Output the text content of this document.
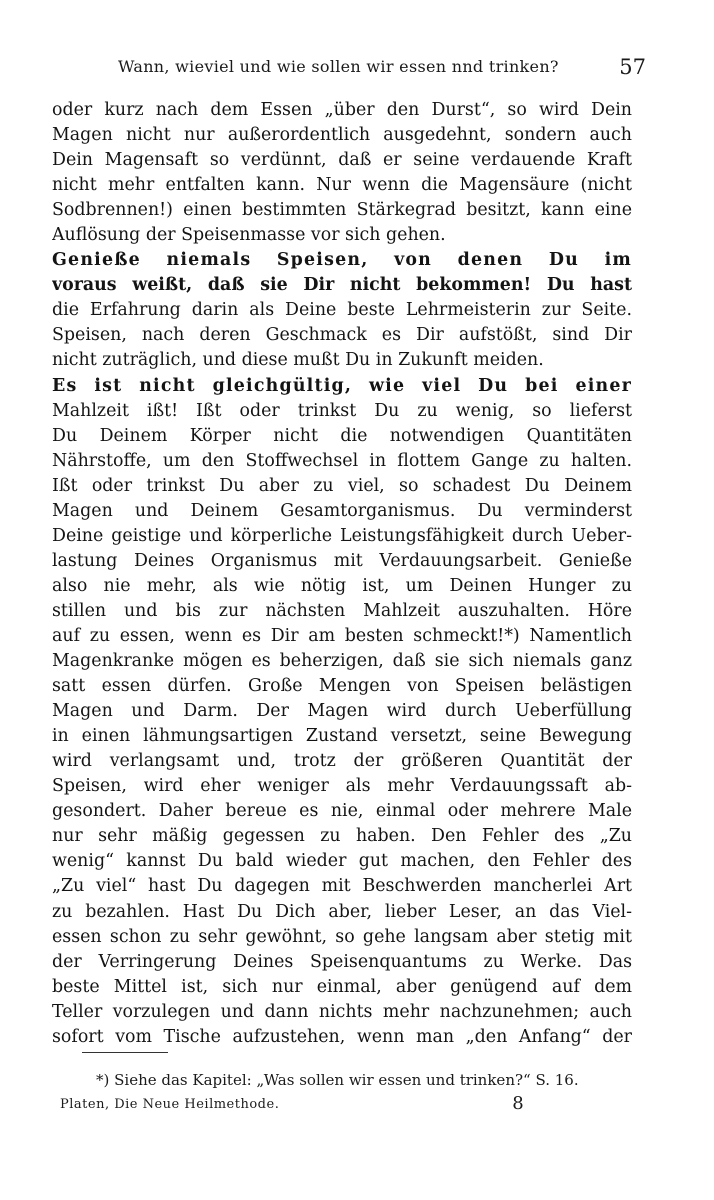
Wann, wieviel und wie sollen wir essen nnd trinken?	57
oder kurz nach dem Essen „über den Durst“, so wird Dein
Magen nicht nur außerordentlich ausgedehnt, sondern auch
Dein Magensaft so verdünnt, daß er seine verdauende Kraft
nicht mehr entfalten kann. Nur wenn die Magensäure (nicht
Sodbrennen!) einen bestimmten Stärkegrad besitzt, kann eine
Auflösung der Speisenmasse vor sich gehen.
Genieße niemals Speisen, von denen Du im
voraus weißt, daß sie Dir nicht bekommen! Du hast
die Erfahrung darin als Deine beste Lehrmeisterin zur Seite.
Speisen, nach deren Geschmack es Dir aufstößt, sind Dir
nicht zuträglich, und diese mußt Du in Zukunft meiden.
Es ist nicht gleichgültig, wie viel Du bei einer
Mahlzeit ißt! Ißt oder trinkst Du zu wenig, so lieferst
Du Deinem Körper nicht die notwendigen Quantitäten
Nährstoffe, um den Stoffwechsel in flottem Gange zu halten.
Ißt oder trinkst Du aber zu viel, so schadest Du Deinem
Magen und Deinem Gesamtorganismus. Du verminderst
Deine geistige und körperliche Leistungsfähigkeit durch Ueber-
lastung Deines Organismus mit Verdauungsarbeit. Genieße
also nie mehr, als wie nötig ist, um Deinen Hunger zu
stillen und bis zur nächsten Mahlzeit auszuhalten. Höre
auf zu essen, wenn es Dir am besten schmeckt!*) Namentlich
Magenkranke mögen es beherzigen, daß sie sich niemals ganz
satt essen dürfen. Große Mengen von Speisen belästigen
Magen und Darm. Der Magen wird durch Ueberfüllung
in einen lähmungsartigen Zustand versetzt, seine Bewegung
wird verlangsamt und, trotz der größeren Quantität der
Speisen, wird eher weniger als mehr Verdauungssaft ab-
gesondert. Daher bereue es nie, einmal oder mehrere Male
nur sehr mäßig gegessen zu haben. Den Fehler des „Zu
wenig“ kannst Du bald wieder gut machen, den Fehler des
„Zu viel“ hast Du dagegen mit Beschwerden mancherlei Art
zu bezahlen. Hast Du Dich aber, lieber Leser, an das Viel-
essen schon zu sehr gewöhnt, so gehe langsam aber stetig mit
der Verringerung Deines Speisenquantums zu Werke. Das
beste Mittel ist, sich nur einmal, aber genügend auf dem
Teller vorzulegen und dann nichts mehr nachzunehmen; auch
sofort vom Tische aufzustehen, wenn man „den Anfang“ der
*) Siehe das Kapitel: „Was sollen wir essen und trinken?“ S. 16.
Platen, Die Neue Heilmethode.	8
